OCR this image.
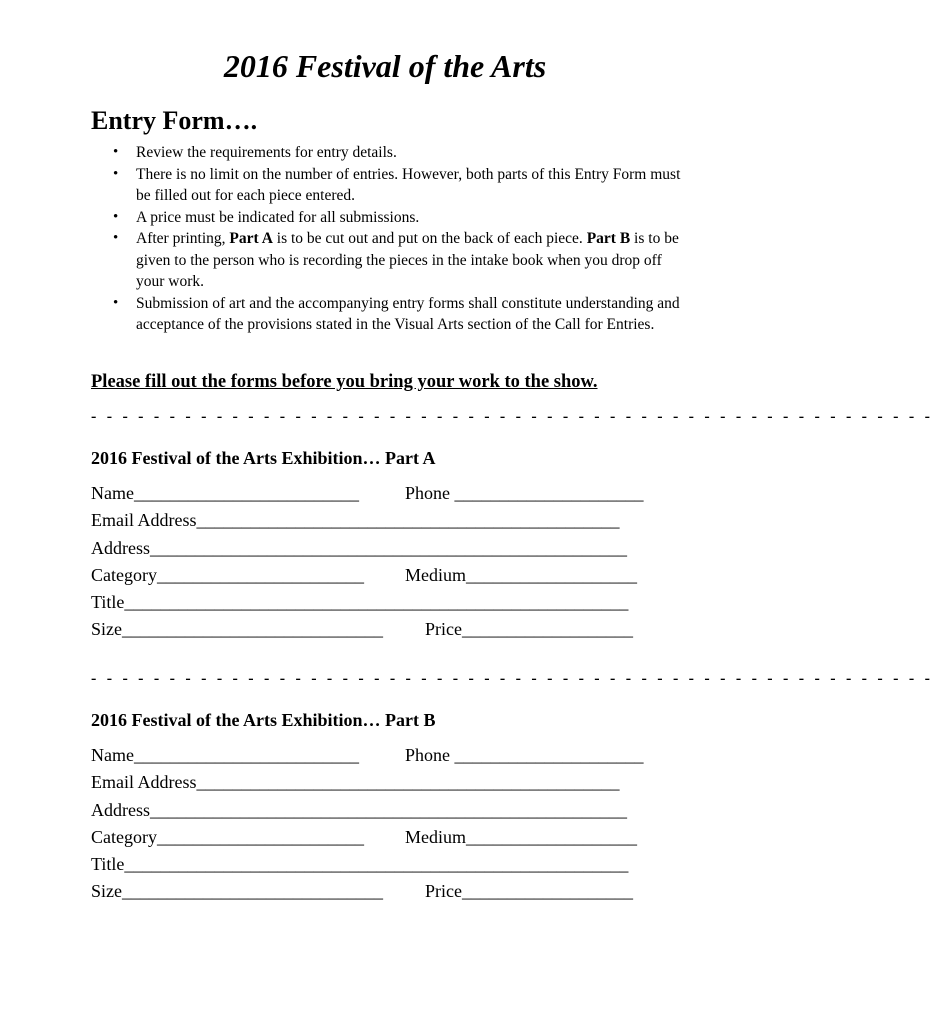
2016 Festival of the Arts
Entry Form….
• Review the requirements for entry details.
• There is no limit on the number of entries. However, both parts of this Entry Form must be filled out for each piece entered.
• A price must be indicated for all submissions.
• After printing, Part A is to be cut out and put on the back of each piece. Part B is to be given to the person who is recording the pieces in the intake book when you drop off your work.
• Submission of art and the accompanying entry forms shall constitute understanding and acceptance of the provisions stated in the Visual Arts section of the Call for Entries.
Please fill out the forms before you bring your work to the show.
- - - - - - - - - - - - - - - - - - - - - - - - - - - - - - - - - - - - - - - - - - - - - - - - - - - - - -
2016 Festival of the Arts Exhibition… Part A
Name_________________________	Phone _____________________
Email Address_______________________________________________
Address_____________________________________________________
Category_______________________ Medium___________________
Title________________________________________________________
Size_____________________________ Price___________________
- - - - - - - - - - - - - - - - - - - - - - - - - - - - - - - - - - - - - - - - - - - - - - - - - - - - - -
2016 Festival of the Arts Exhibition… Part B
Name_________________________	Phone _____________________
Email Address_______________________________________________
Address_____________________________________________________
Category_______________________ Medium___________________
Title________________________________________________________
Size_____________________________ Price___________________
